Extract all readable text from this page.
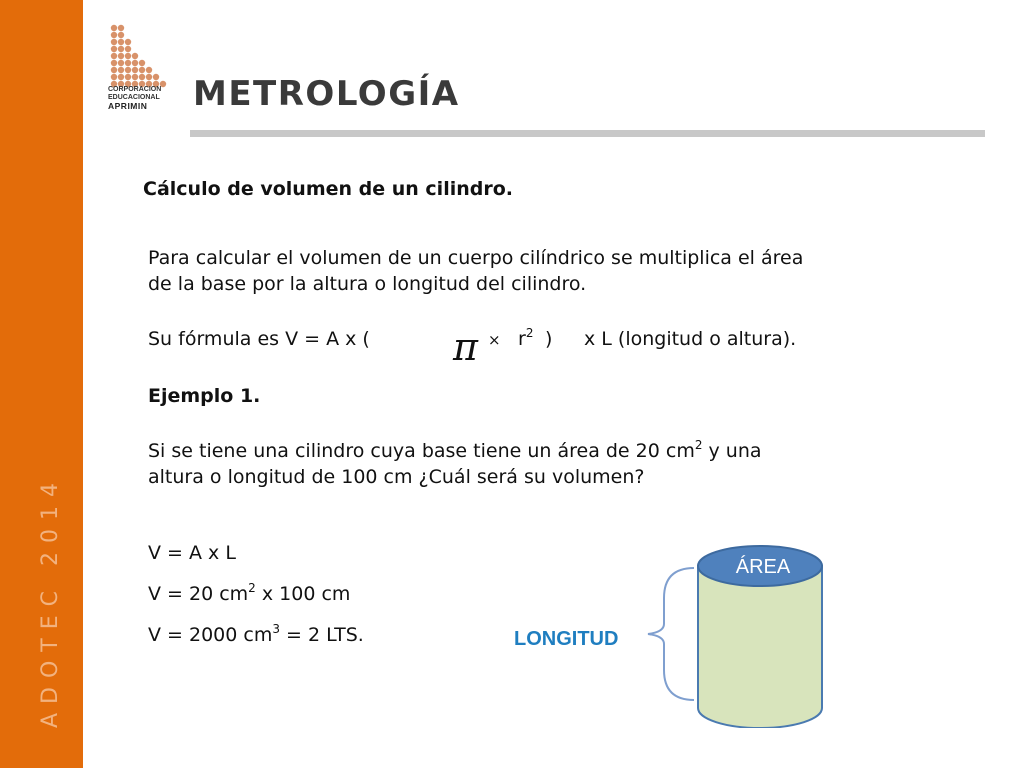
ADOTEC 2014
CORPORACION
EDUCACIONAL
APRIMIN	METROLOGÍA
Cálculo de volumen de un cilindro.
Para calcular el volumen de un cuerpo cilíndrico se multiplica el área
de la base por la altura o longitud del cilindro.
Su fórmula es V = A x ( $\pi \times r^2$ ) x L (longitud o altura).
Ejemplo 1.
Si se tiene una cilindro cuya base tiene un área de 20 $cm^2$ y una
altura o longitud de 100 cm ¿Cuál será su volumen?
V = A x L
V = 20 $cm^2$ x 100 cm
V = 2000 $cm^3 = 2$ LTS.
ÁREA
LONGITUD
